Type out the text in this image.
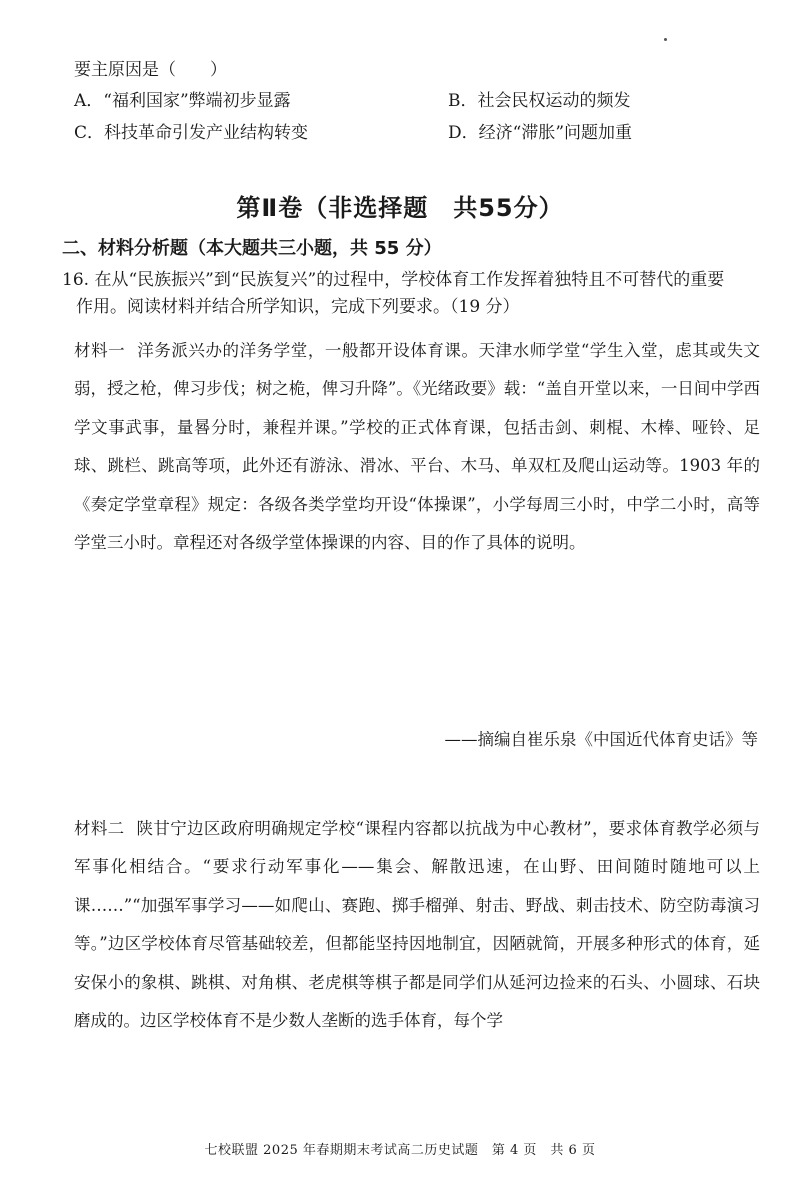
要主原因是（　　）
A．“福利国家”弊端初步显露	B．社会民权运动的频发
C．科技革命引发产业结构转变	D．经济“滞胀”问题加重
第Ⅱ卷（非选择题　共55分）
二、材料分析题（本大题共三小题，共 55 分）
16. 在从“民族振兴”到“民族复兴”的过程中，学校体育工作发挥着独特且不可替代的重要
作用。阅读材料并结合所学知识，完成下列要求。（19 分）
材料一 洋务派兴办的洋务学堂，一般都开设体育课。天津水师学堂“学生入堂，虑其或失文弱，授之枪，俾习步伐；树之桅，俾习升降”。《光绪政要》载：“盖自开堂以来，一日间中学西学文事武事，量晷分时，兼程并课。”学校的正式体育课，包括击剑、刺棍、木棒、哑铃、足球、跳栏、跳高等项，此外还有游泳、滑冰、平台、木马、单双杠及爬山运动等。1903 年的《奏定学堂章程》规定：各级各类学堂均开设“体操课”，小学每周三小时，中学二小时，高等学堂三小时。章程还对各级学堂体操课的内容、目的作了具体的说明。
——摘编自崔乐泉《中国近代体育史话》等
材料二 陕甘宁边区政府明确规定学校“课程内容都以抗战为中心教材”，要求体育教学必须与军事化相结合。“要求行动军事化——集会、解散迅速，在山野、田间随时随地可以上课……”“加强军事学习——如爬山、赛跑、掷手榴弹、射击、野战、刺击技术、防空防毒演习等。”边区学校体育尽管基础较差，但都能坚持因地制宜，因陋就简，开展多种形式的体育，延安保小的象棋、跳棋、对角棋、老虎棋等棋子都是同学们从延河边捡来的石头、小圆球、石块磨成的。边区学校体育不是少数人垄断的选手体育，每个学
七校联盟 2025 年春期期末考试高二历史试题　第 4 页　共 6 页
